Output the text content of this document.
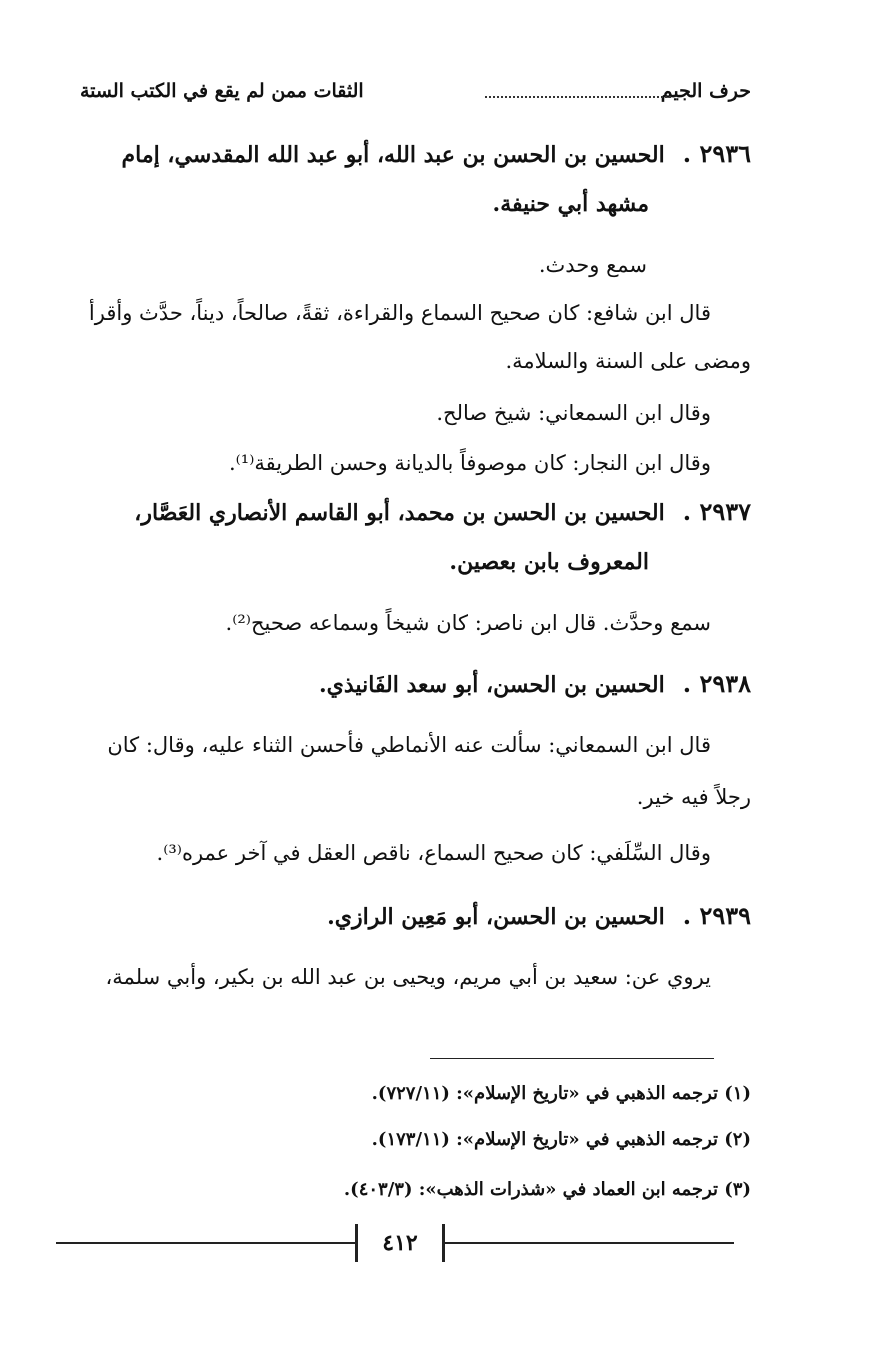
حرف الجيم
الثقات ممن لم يقع في الكتب الستة
٢٩٣٦ .الحسين بن الحسن بن عبد الله، أبو عبد الله المقدسي، إمام
مشهد أبي حنيفة.
سمع وحدث.
قال ابن شافع: كان صحيح السماع والقراءة، ثقةً، صالحاً، ديناً، حدَّث وأقرأ
ومضى على السنة والسلامة.
وقال ابن السمعاني: شيخ صالح.
وقال ابن النجار: كان موصوفاً بالديانة وحسن الطريقة⁽¹⁾.
٢٩٣٧ .الحسين بن الحسن بن محمد، أبو القاسم الأنصاري العَصَّار،
المعروف بابن بعصين.
سمع وحدَّث. قال ابن ناصر: كان شيخاً وسماعه صحيح⁽²⁾.
٢٩٣٨ .الحسين بن الحسن، أبو سعد الفَانيذي.
قال ابن السمعاني: سألت عنه الأنماطي فأحسن الثناء عليه، وقال: كان
رجلاً فيه خير.
وقال السِّلَفي: كان صحيح السماع، ناقص العقل في آخر عمره⁽³⁾.
٢٩٣٩ .الحسين بن الحسن، أبو مَعِين الرازي.
يروي عن: سعيد بن أبي مريم، ويحيى بن عبد الله بن بكير، وأبي سلمة،
(١) ترجمه الذهبي في «تاريخ الإسلام»: (٧٢٧/١١).
(٢) ترجمه الذهبي في «تاريخ الإسلام»: (١٧٣/١١).
(٣) ترجمه ابن العماد في «شذرات الذهب»: (٤٠٣/٣).
٤١٢
